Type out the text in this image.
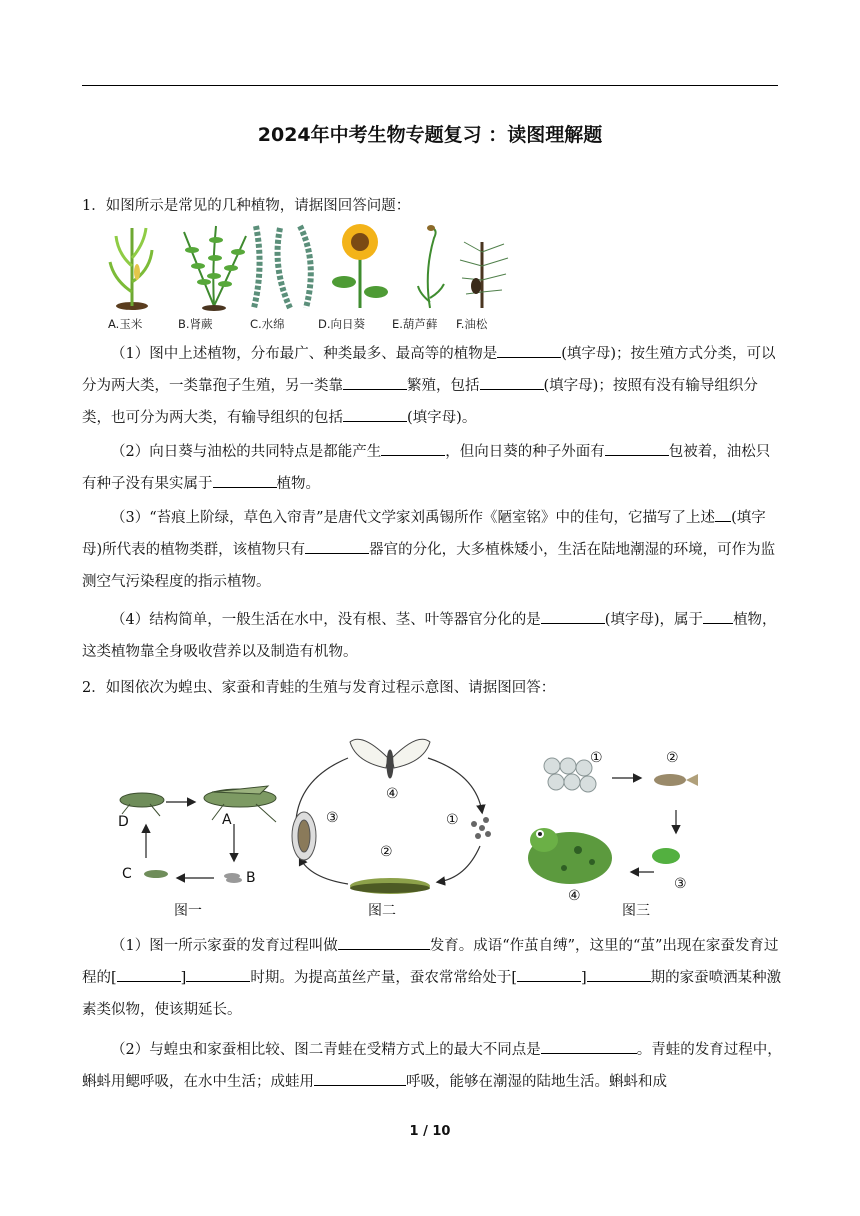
2024年中考生物专题复习 ：读图理解题
1．如图所示是常见的几种植物，请据图回答问题：
A.玉米	B.肾蕨	C.水绵	D.向日葵 E.葫芦藓 F.油松
（1）图中上述植物，分布最广、种类最多、最高等的植物是	(填字母)；按生殖方式分类，可以分为两大类，一类靠孢子生殖，另一类靠	繁殖，包括	(填字母)；按照有没有输导组织分类，也可分为两大类，有输导组织的包括	(填字母)。
（2）向日葵与油松的共同特点是都能产生	，但向日葵的种子外面有	包被着，油松只有种子没有果实属于	植物。
（3）“苔痕上阶绿，草色入帘青”是唐代文学家刘禹锡所作《陋室铭》中的佳句，它描写了上述 (填字母)所代表的植物类群，该植物只有	器官的分化，大多植株矮小，生活在陆地潮湿的环境，可作为监测空气污染程度的指示植物。
（4）结构简单，一般生活在水中，没有根、茎、叶等器官分化的是	(填字母)，属于 植物，这类植物靠全身吸收营养以及制造有机物。
2．如图依次为蝗虫、家蚕和青蛙的生殖与发育过程示意图、请据图回答：
A
B
C
D	①
②
③
④
①	②
③
④
图一	图二	图三
（1）图一所示家蚕的发育过程叫做	发育。成语“作茧自缚”，这里的“茧”出现在家蚕发育过程的[	]	时期。为提高茧丝产量，蚕农常常给处于[	]	期的家蚕喷洒某种激素类似物，使该期延长。
（2）与蝗虫和家蚕相比较、图二青蛙在受精方式上的最大不同点是	。青蛙的发育过程中，蝌蚪用鳃呼吸，在水中生活；成蛙用	呼吸，能够在潮湿的陆地生活。蝌蚪和成
1 / 10
